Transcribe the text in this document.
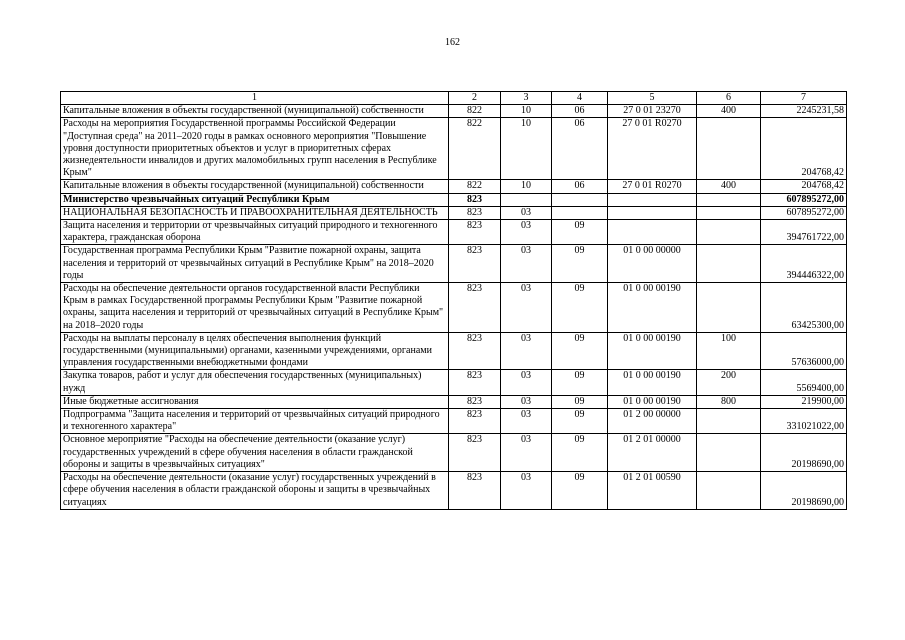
162
1	2	3	4	5	6	7
Капитальные вложения в объекты государственной (муниципальной) собственности	822	10	06	27 0 01 23270	400	2245231,58
Расходы на мероприятия Государственной программы Российской Федерации "Доступная среда" на 2011–2020 годы в рамках основного мероприятия "Повышение уровня доступности приоритетных объектов и услуг в приоритетных сферах жизнедеятельности инвалидов и других маломобильных групп населения в Республике Крым"	822	10	06	27 0 01 R0270		204768,42
Капитальные вложения в объекты государственной (муниципальной) собственности	822	10	06	27 0 01 R0270	400	204768,42
Министерство чрезвычайных ситуаций Республики Крым	823					607895272,00
НАЦИОНАЛЬНАЯ БЕЗОПАСНОСТЬ И ПРАВООХРАНИТЕЛЬНАЯ ДЕЯТЕЛЬНОСТЬ	823	03				607895272,00
Защита населения и территории от чрезвычайных ситуаций природного и техногенного характера, гражданская оборона	823	03	09			394761722,00
Государственная программа Республики Крым "Развитие пожарной охраны, защита населения и территорий от чрезвычайных ситуаций в Республике Крым" на 2018–2020 годы	823	03	09	01 0 00 00000		394446322,00
Расходы на обеспечение деятельности органов государственной власти Республики Крым в рамках Государственной программы Республики Крым "Развитие пожарной охраны, защита населения и территорий от чрезвычайных ситуаций в Республике Крым" на 2018–2020 годы	823	03	09	01 0 00 00190		63425300,00
Расходы на выплаты персоналу в целях обеспечения выполнения функций государственными (муниципальными) органами, казенными учреждениями, органами управления государственными внебюджетными фондами	823	03	09	01 0 00 00190	100	57636000,00
Закупка товаров, работ и услуг для обеспечения государственных (муниципальных) нужд	823	03	09	01 0 00 00190	200	5569400,00
Иные бюджетные ассигнования	823	03	09	01 0 00 00190	800	219900,00
Подпрограмма "Защита населения и территорий от чрезвычайных ситуаций природного и техногенного характера"	823	03	09	01 2 00 00000		331021022,00
Основное мероприятие "Расходы на обеспечение деятельности (оказание услуг) государственных учреждений в сфере обучения населения в области гражданской обороны и защиты в чрезвычайных ситуациях"	823	03	09	01 2 01 00000		20198690,00
Расходы на обеспечение деятельности (оказание услуг) государственных учреждений в сфере обучения населения в области гражданской обороны и защиты в чрезвычайных ситуациях	823	03	09	01 2 01 00590		20198690,00
